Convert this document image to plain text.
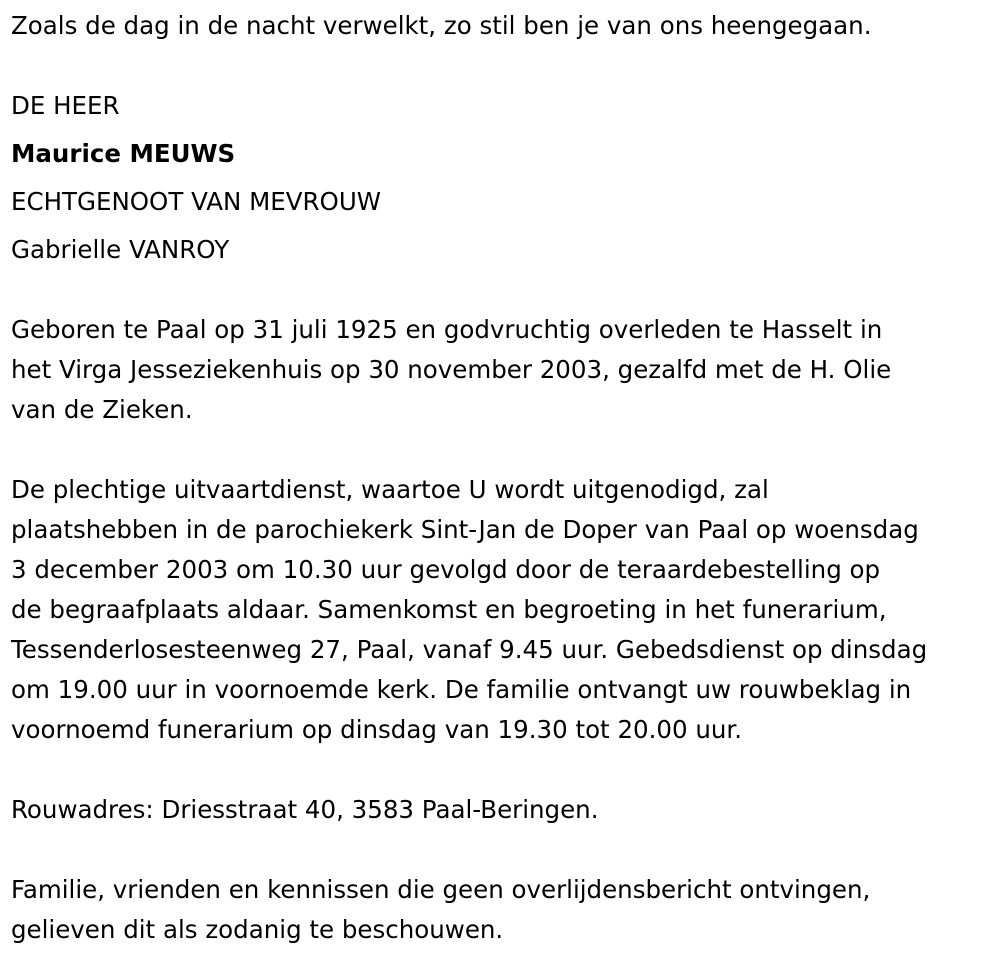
Zoals de dag in de nacht verwelkt, zo stil ben je van ons heengegaan.

DE HEER

Maurice MEUWS

ECHTGENOOT VAN MEVROUW

Gabrielle VANROY

Geboren te Paal op 31 juli 1925 en godvruchtig overleden te Hasselt in

het Virga Jesseziekenhuis op 30 november 2003, gezalfd met de H. Olie

van de Zieken.

De plechtige uitvaartdienst, waartoe U wordt uitgenodigd, zal

plaatshebben in de parochiekerk Sint-Jan de Doper van Paal op woensdag

3 december 2003 om 10.30 uur gevolgd door de teraardebestelling op

de begraafplaats aldaar. Samenkomst en begroeting in het funerarium,

Tessenderlosesteenweg 27, Paal, vanaf 9.45 uur. Gebedsdienst op dinsdag

om 19.00 uur in voornoemde kerk. De familie ontvangt uw rouwbeklag in

voornoemd funerarium op dinsdag van 19.30 tot 20.00 uur.

Rouwadres: Driesstraat 40, 3583 Paal-Beringen.

Familie, vrienden en kennissen die geen overlijdensbericht ontvingen,

gelieven dit als zodanig te beschouwen.
